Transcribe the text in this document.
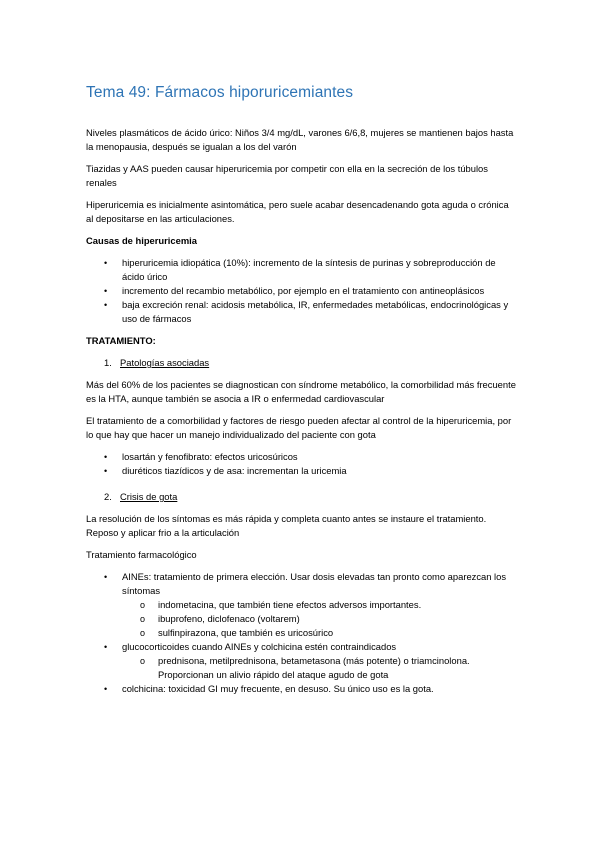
Tema 49: Fármacos hiporuricemiantes

Niveles plasmáticos de ácido úrico: Niños 3/4 mg/dL, varones 6/6,8, mujeres se mantienen bajos hasta la menopausia, después se igualan a los del varón

Tiazidas y AAS pueden causar hiperuricemia por competir con ella en la secreción de los túbulos renales

Hiperuricemia es inicialmente asintomática, pero suele acabar desencadenando gota aguda o crónica al depositarse en las articulaciones.

Causas de hiperuricemia

• hiperuricemia idiopática (10%): incremento de la síntesis de purinas y sobreproducción de ácido úrico
• incremento del recambio metabólico, por ejemplo en el tratamiento con antineoplásicos
• baja excreción renal: acidosis metabólica, IR, enfermedades metabólicas, endocrinológicas y uso de fármacos

TRATAMIENTO:

1. Patologías asociadas

Más del 60% de los pacientes se diagnostican con síndrome metabólico, la comorbilidad más frecuente es la HTA, aunque también se asocia a IR o enfermedad cardiovascular

El tratamiento de a comorbilidad y factores de riesgo pueden afectar al control de la hiperuricemia, por lo que hay que hacer un manejo individualizado del paciente con gota

• losartán y fenofibrato: efectos uricosúricos
• diuréticos tiazídicos y de asa: incrementan la uricemia
2. Crisis de gota

La resolución de los síntomas es más rápida y completa cuanto antes se instaure el tratamiento. Reposo y aplicar frio a la articulación

Tratamiento farmacológico

• AINEs: tratamiento de primera elección. Usar dosis elevadas tan pronto como aparezcan los síntomas
o indometacina, que también tiene efectos adversos importantes.
o ibuprofeno, diclofenaco (voltarem)
o sulfinpirazona, que también es uricosúrico
• glucocorticoides cuando AINEs y colchicina estén contraindicados
o prednisona, metilprednisona, betametasona (más potente) o triamcinolona. Proporcionan un alivio rápido del ataque agudo de gota
• colchicina: toxicidad GI muy frecuente, en desuso. Su único uso es la gota.
